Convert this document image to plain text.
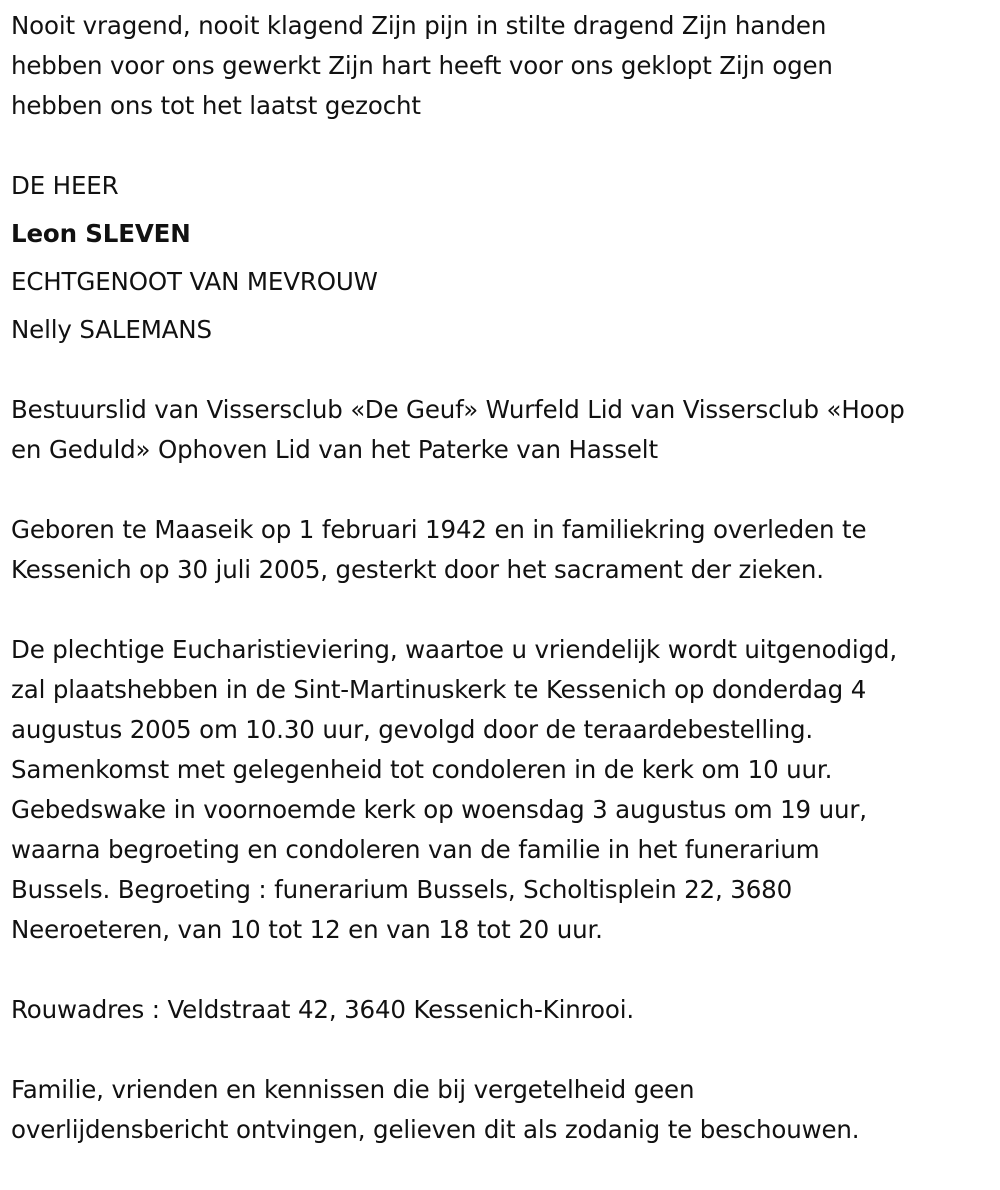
Nooit vragend, nooit klagend Zijn pijn in stilte dragend Zijn handen

hebben voor ons gewerkt Zijn hart heeft voor ons geklopt Zijn ogen

hebben ons tot het laatst gezocht

DE HEER

Leon SLEVEN

ECHTGENOOT VAN MEVROUW

Nelly SALEMANS

Bestuurslid van Vissersclub «De Geuf» Wurfeld Lid van Vissersclub «Hoop

en Geduld» Ophoven Lid van het Paterke van Hasselt

Geboren te Maaseik op 1 februari 1942 en in familiekring overleden te

Kessenich op 30 juli 2005, gesterkt door het sacrament der zieken.

De plechtige Eucharistieviering, waartoe u vriendelijk wordt uitgenodigd,

zal plaatshebben in de Sint-Martinuskerk te Kessenich op donderdag 4

augustus 2005 om 10.30 uur, gevolgd door de teraardebestelling.

Samenkomst met gelegenheid tot condoleren in de kerk om 10 uur.

Gebedswake in voornoemde kerk op woensdag 3 augustus om 19 uur,

waarna begroeting en condoleren van de familie in het funerarium

Bussels. Begroeting : funerarium Bussels, Scholtisplein 22, 3680

Neeroeteren, van 10 tot 12 en van 18 tot 20 uur.

Rouwadres : Veldstraat 42, 3640 Kessenich-Kinrooi.

Familie, vrienden en kennissen die bij vergetelheid geen

overlijdensbericht ontvingen, gelieven dit als zodanig te beschouwen.
